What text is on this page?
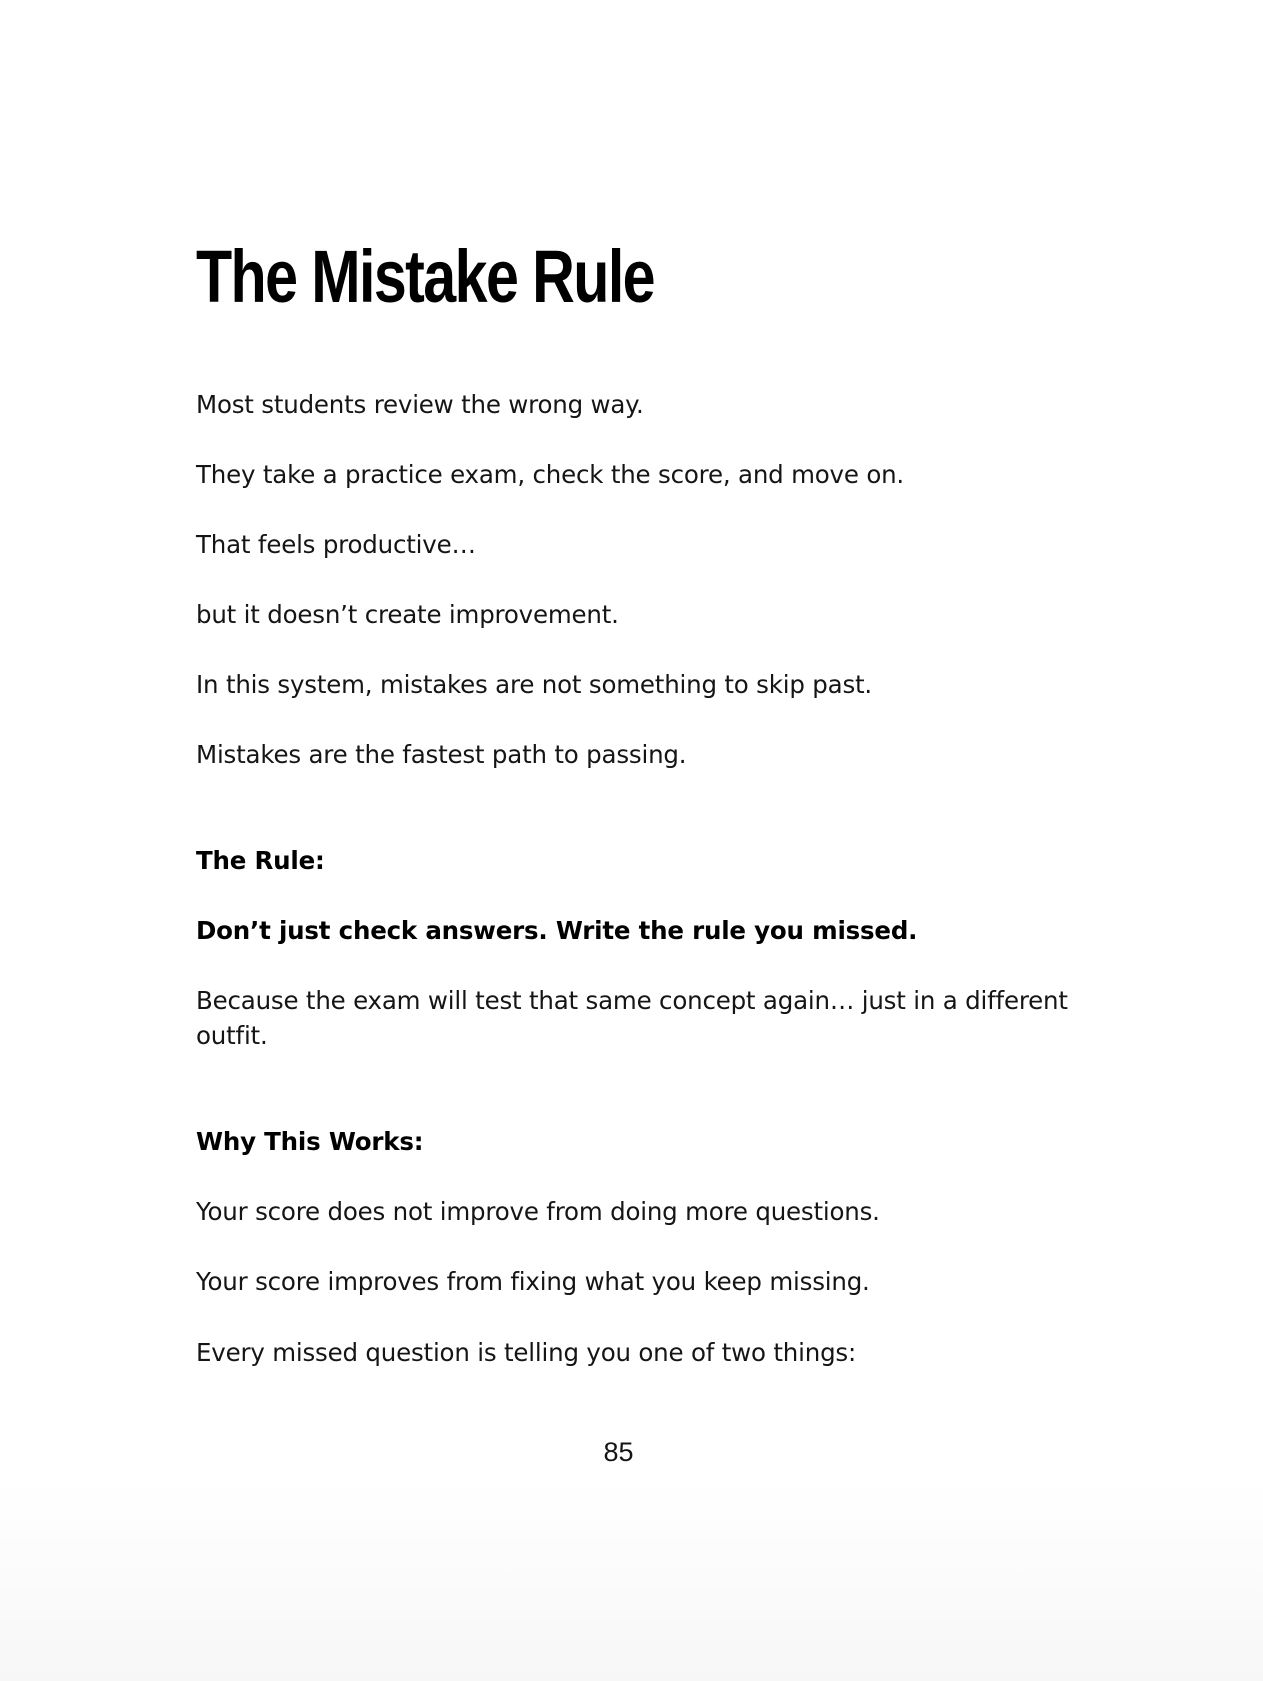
The Mistake Rule

Most students review the wrong way.

They take a practice exam, check the score, and move on.

That feels productive…

but it doesn’t create improvement.

In this system, mistakes are not something to skip past.

Mistakes are the fastest path to passing.

The Rule:

Don’t just check answers. Write the rule you missed.

Because the exam will test that same concept again… just in a different outfit.

Why This Works:

Your score does not improve from doing more questions.

Your score improves from fixing what you keep missing.

Every missed question is telling you one of two things:

85
